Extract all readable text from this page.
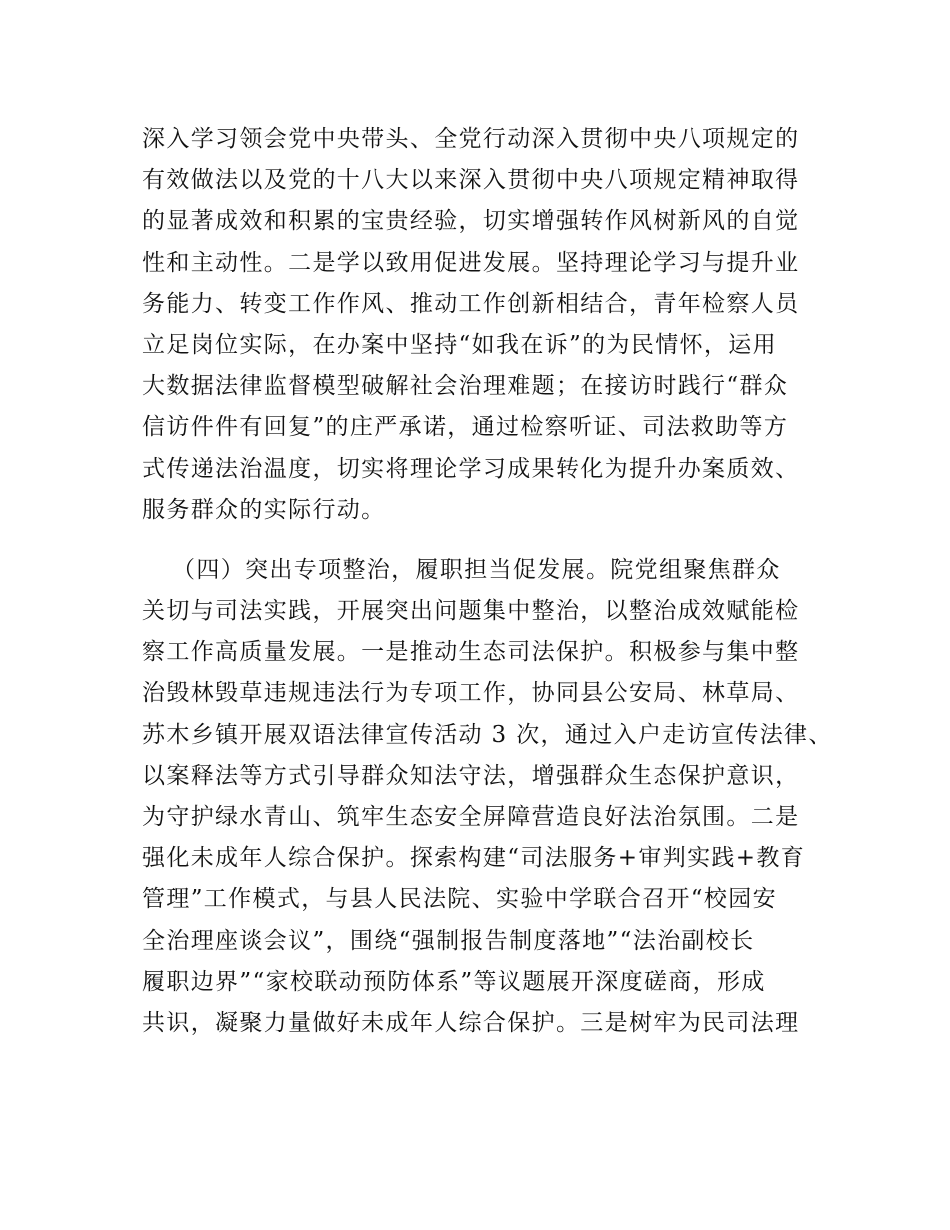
深入学习领会党中央带头、全党行动深入贯彻中央八项规定的
有效做法以及党的十八大以来深入贯彻中央八项规定精神取得
的显著成效和积累的宝贵经验，切实增强转作风树新风的自觉
性和主动性。二是学以致用促进发展。坚持理论学习与提升业
务能力、转变工作作风、推动工作创新相结合，青年检察人员
立足岗位实际，在办案中坚持“如我在诉”的为民情怀，运用
大数据法律监督模型破解社会治理难题；在接访时践行“群众
信访件件有回复”的庄严承诺，通过检察听证、司法救助等方
式传递法治温度，切实将理论学习成果转化为提升办案质效、
服务群众的实际行动。
（四）突出专项整治，履职担当促发展。院党组聚焦群众
关切与司法实践，开展突出问题集中整治，以整治成效赋能检
察工作高质量发展。一是推动生态司法保护。积极参与集中整
治毁林毁草违规违法行为专项工作，协同县公安局、林草局、
苏木乡镇开展双语法律宣传活动 3 次，通过入户走访宣传法律、
以案释法等方式引导群众知法守法，增强群众生态保护意识，
为守护绿水青山、筑牢生态安全屏障营造良好法治氛围。二是
强化未成年人综合保护。探索构建“司法服务+审判实践+教育
管理”工作模式，与县人民法院、实验中学联合召开“校园安
全治理座谈会议”，围绕“强制报告制度落地”“法治副校长
履职边界”“家校联动预防体系”等议题展开深度磋商，形成
共识，凝聚力量做好未成年人综合保护。三是树牢为民司法理
